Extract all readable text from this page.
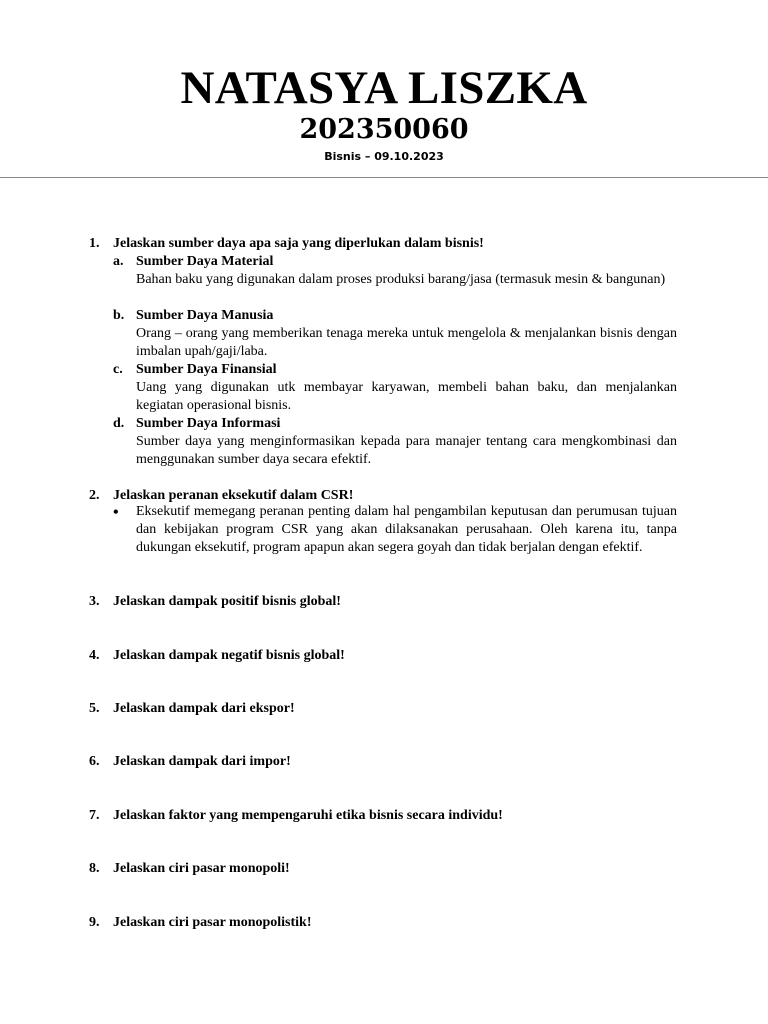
NATASYA LISZKA
202350060
Bisnis – 09.10.2023
1. Jelaskan sumber daya apa saja yang diperlukan dalam bisnis!
a. Sumber Daya Material
Bahan baku yang digunakan dalam proses produksi barang/jasa (termasuk mesin & bangunan)
b. Sumber Daya Manusia
Orang – orang yang memberikan tenaga mereka untuk mengelola & menjalankan bisnis dengan imbalan upah/gaji/laba.
c. Sumber Daya Finansial
Uang yang digunakan utk membayar karyawan, membeli bahan baku, dan menjalankan kegiatan operasional bisnis.
d. Sumber Daya Informasi
Sumber daya yang menginformasikan kepada para manajer tentang cara mengkombinasi dan menggunakan sumber daya secara efektif.
2. Jelaskan peranan eksekutif dalam CSR!
•	Eksekutif memegang peranan penting dalam hal pengambilan keputusan dan perumusan tujuan dan kebijakan program CSR yang akan dilaksanakan perusahaan. Oleh karena itu, tanpa dukungan eksekutif, program apapun akan segera goyah dan tidak berjalan dengan efektif.
3. Jelaskan dampak positif bisnis global!
4. Jelaskan dampak negatif bisnis global!
5. Jelaskan dampak dari ekspor!
6. Jelaskan dampak dari impor!
7. Jelaskan faktor yang mempengaruhi etika bisnis secara individu!
8. Jelaskan ciri pasar monopoli!
9. Jelaskan ciri pasar monopolistik!
